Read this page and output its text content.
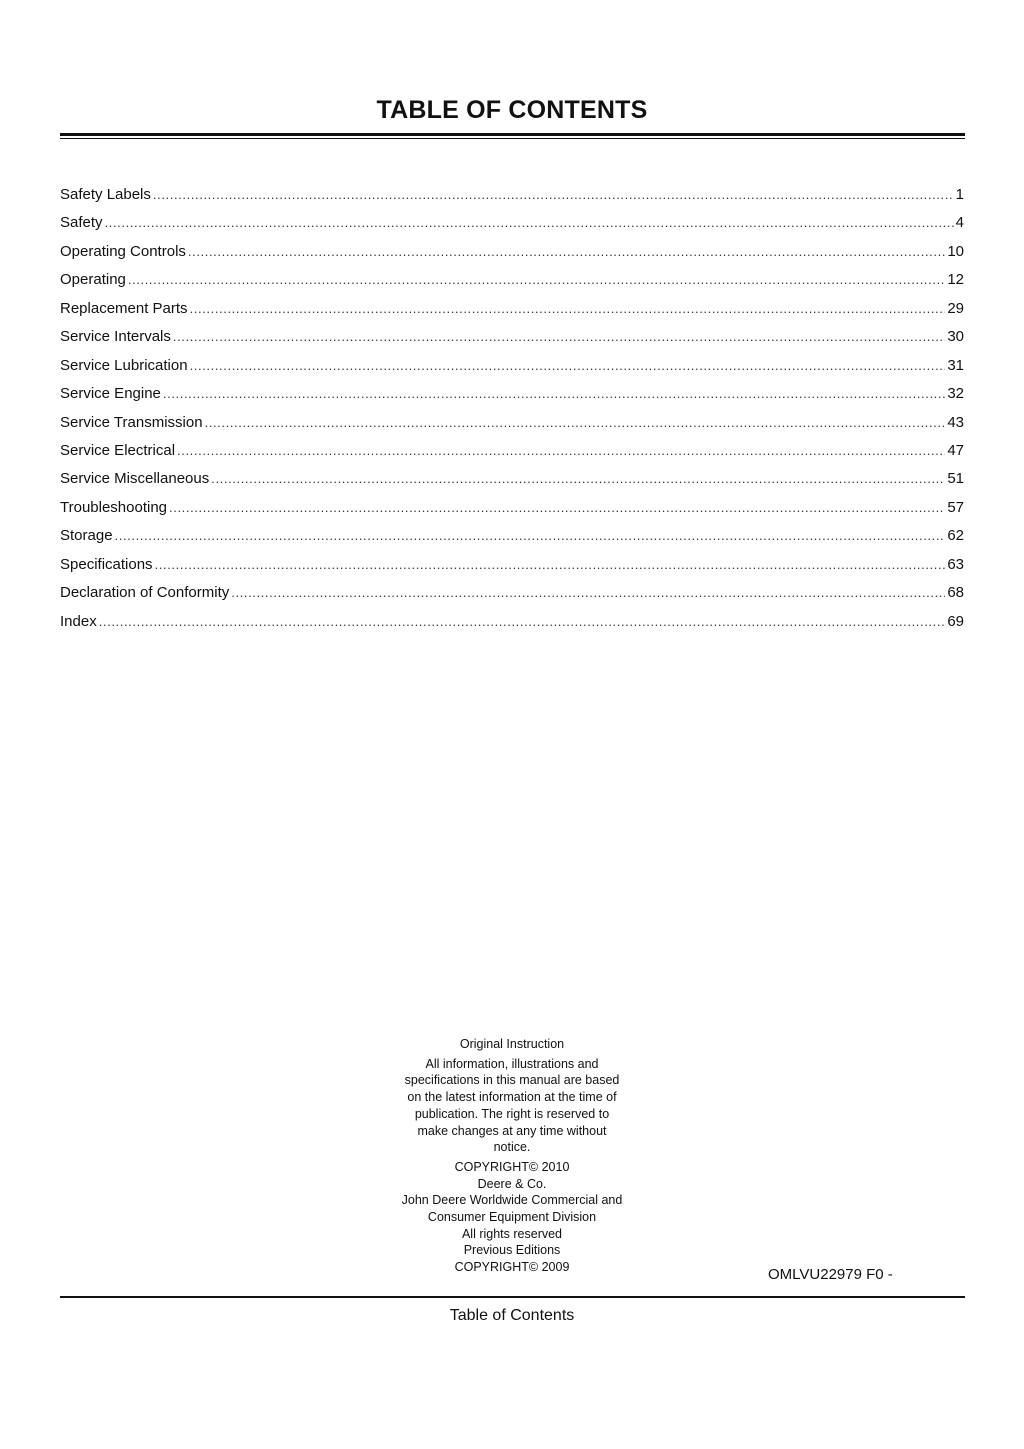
TABLE OF CONTENTS
Safety Labels .....	1
Safety .....	4
Operating Controls .....	10
Operating .....	12
Replacement Parts .....	29
Service Intervals .....	30
Service Lubrication .....	31
Service Engine .....	32
Service Transmission .....	43
Service Electrical .....	47
Service Miscellaneous .....	51
Troubleshooting .....	57
Storage .....	62
Specifications .....	63
Declaration of Conformity .....	68
Index .....	69

Original Instruction

All information, illustrations and

specifications in this manual are based

on the latest information at the time of

publication. The right is reserved to

make changes at any time without

notice.

COPYRIGHT© 2010

Deere & Co.

John Deere Worldwide Commercial and

Consumer Equipment Division

All rights reserved

Previous Editions

COPYRIGHT© 2009	OMLVU22979 F0 -
Table of Contents
